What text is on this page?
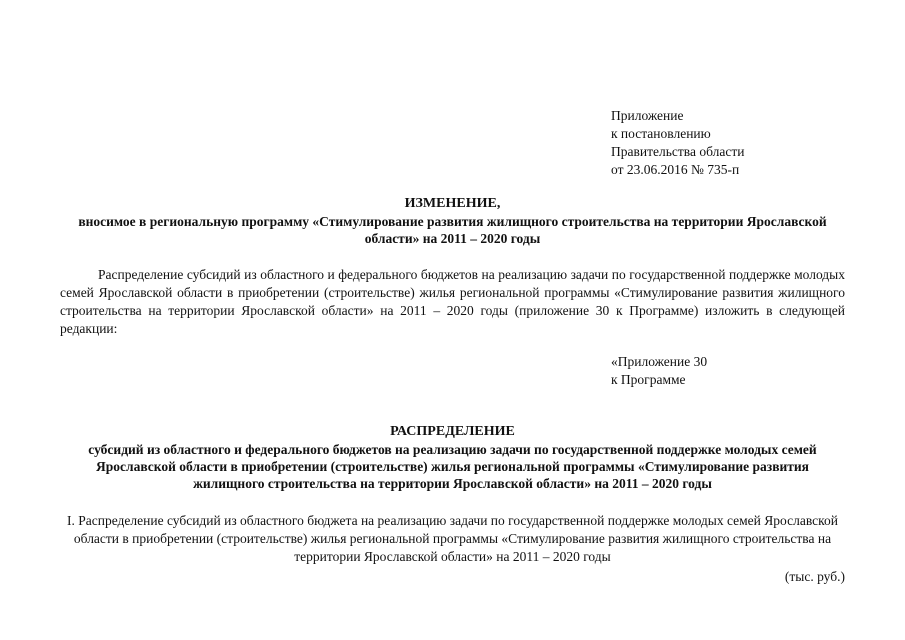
Приложение
к постановлению
Правительства области
от 23.06.2016 № 735-п
ИЗМЕНЕНИЕ,
вносимое в региональную программу «Стимулирование развития жилищного строительства на территории Ярославской области» на 2011 – 2020 годы
Распределение субсидий из областного и федерального бюджетов на реализацию задачи по государственной поддержке молодых семей Ярославской области в приобретении (строительстве) жилья региональной программы «Стимулирование развития жилищного строительства на территории Ярославской области» на 2011 – 2020 годы (приложение 30 к Программе) изложить в следующей редакции:
«Приложение 30
к Программе
РАСПРЕДЕЛЕНИЕ
субсидий из областного и федерального бюджетов на реализацию задачи по государственной поддержке молодых семей Ярославской области в приобретении (строительстве) жилья региональной программы «Стимулирование развития жилищного строительства на территории Ярославской области» на 2011 – 2020 годы
I. Распределение субсидий из областного бюджета на реализацию задачи по государственной поддержке молодых семей Ярославской области в приобретении (строительстве) жилья региональной программы «Стимулирование развития жилищного строительства на территории Ярославской области» на 2011 – 2020 годы
(тыс. руб.)
